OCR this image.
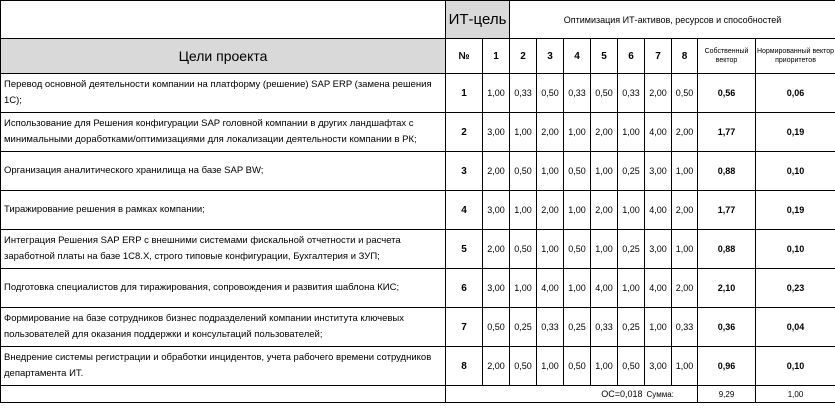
	ИТ-цель		Оптимизация ИТ-активов, ресурсов и способностей								
Цели проекта	№	1	2	3	4	5	6	7	8	Собственный вектор	Нормированный вектор приоритетов
Перевод основной деятельности компании на платформу (решение) SAP ERP (замена решения 1С);	1	1,00	0,33	0,50	0,33	0,50	0,33	2,00	0,50	0,56	0,06
Использование для Решения конфигурации SAP головной компании в других ландшафтах с минимальными доработками/оптимизациями для локализации деятельности компании в РК;	2	3,00	1,00	2,00	1,00	2,00	1,00	4,00	2,00	1,77	0,19
Организация аналитического хранилища на базе SAP BW;	3	2,00	0,50	1,00	0,50	1,00	0,25	3,00	1,00	0,88	0,10
Тиражирование решения в рамках компании;	4	3,00	1,00	2,00	1,00	2,00	1,00	4,00	2,00	1,77	0,19
Интеграция Решения SAP ERP с внешними системами фискальной отчетности и расчета заработной платы на базе 1С8.Х, строго типовые конфигурации, Бухгалтерия и ЗУП;	5	2,00	0,50	1,00	0,50	1,00	0,25	3,00	1,00	0,88	0,10
Подготовка специалистов для тиражирования, сопровождения и развития шаблона КИС;	6	3,00	1,00	4,00	1,00	4,00	1,00	4,00	2,00	2,10	0,23
Формирование на базе сотрудников бизнес подразделений компании института ключевых пользователей для оказания поддержки и консультаций пользователей;	7	0,50	0,25	0,33	0,25	0,33	0,25	1,00	0,33	0,36	0,04
Внедрение системы регистрации и обработки инцидентов, учета рабочего времени сотрудников департамента ИТ.	8	2,00	0,50	1,00	0,50	1,00	0,50	3,00	1,00	0,96	0,10
	ОС=0,018							Сумма:		9,29	1,00
